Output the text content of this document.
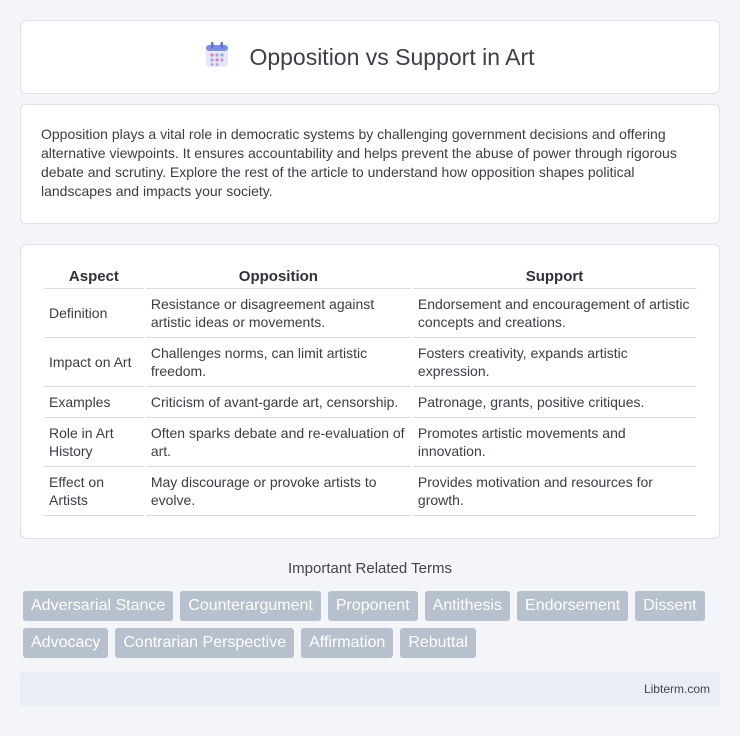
Opposition vs Support in Art

Opposition plays a vital role in democratic systems by challenging government decisions and offering alternative viewpoints. It ensures accountability and helps prevent the abuse of power through rigorous debate and scrutiny. Explore the rest of the article to understand how opposition shapes political landscapes and impacts your society.

Aspect	Opposition	Support
Definition	Resistance or disagreement against artistic ideas or movements.	Endorsement and encouragement of artistic concepts and creations.
Impact on Art	Challenges norms, can limit artistic freedom.	Fosters creativity, expands artistic expression.
Examples	Criticism of avant-garde art, censorship.	Patronage, grants, positive critiques.
Role in Art History	Often sparks debate and re-evaluation of art.	Promotes artistic movements and innovation.
Effect on Artists	May discourage or provoke artists to evolve.	Provides motivation and resources for growth.
Important Related Terms
Adversarial Stance	Counterargument	Proponent	Antithesis	Endorsement	Dissent
Advocacy	Contrarian Perspective	Affirmation	Rebuttal
Libterm.com
